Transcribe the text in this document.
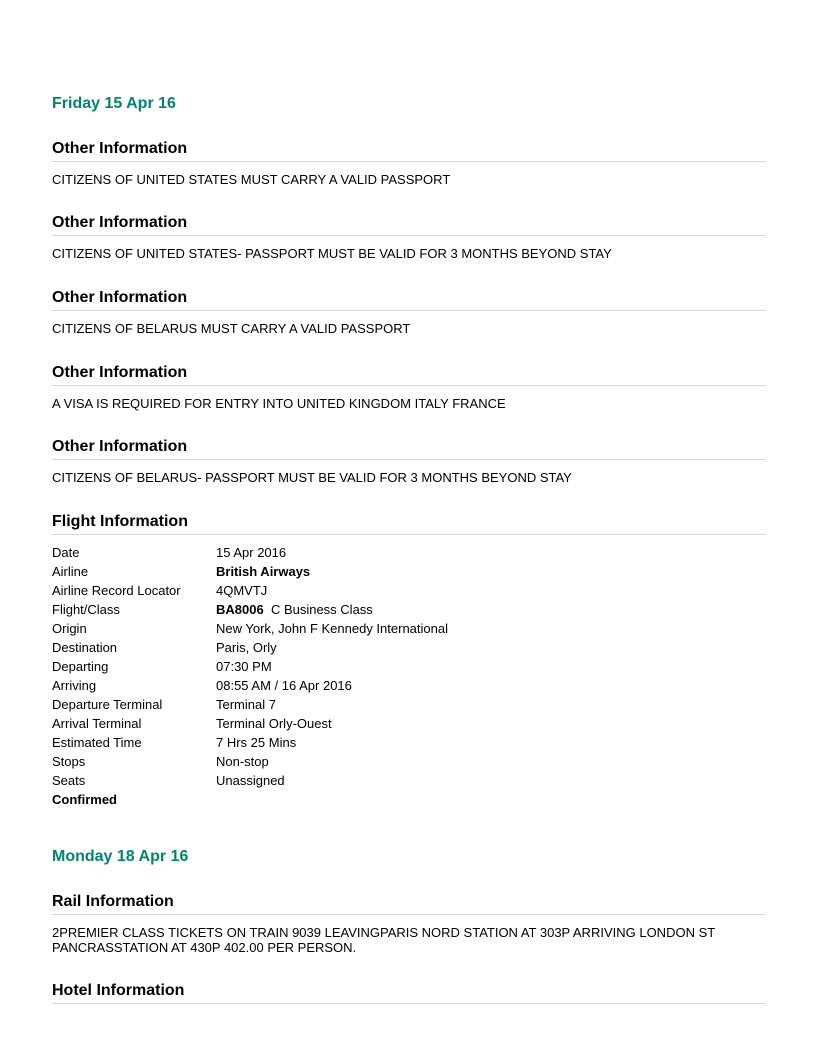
Friday 15 Apr 16
Other Information

CITIZENS OF UNITED STATES MUST CARRY A VALID PASSPORT

Other Information

CITIZENS OF UNITED STATES- PASSPORT MUST BE VALID FOR 3 MONTHS BEYOND STAY

Other Information

CITIZENS OF BELARUS MUST CARRY A VALID PASSPORT

Other Information

A VISA IS REQUIRED FOR ENTRY INTO UNITED KINGDOM ITALY FRANCE

Other Information

CITIZENS OF BELARUS- PASSPORT MUST BE VALID FOR 3 MONTHS BEYOND STAY

Flight Information
Date	15 Apr 2016
Airline	British Airways
Airline Record Locator	4QMVTJ
Flight/Class	BA8006 C Business Class
Origin	New York, John F Kennedy International
Destination	Paris, Orly
Departing	07:30 PM
Arriving	08:55 AM / 16 Apr 2016
Departure Terminal	Terminal 7
Arrival Terminal	Terminal Orly-Ouest
Estimated Time	7 Hrs 25 Mins
Stops	Non-stop
Seats	Unassigned
Confirmed	
Monday 18 Apr 16
Rail Information

2PREMIER CLASS TICKETS ON TRAIN 9039 LEAVINGPARIS NORD STATION AT 303P ARRIVING LONDON ST

PANCRASSTATION AT 430P 402.00 PER PERSON.

Hotel Information
